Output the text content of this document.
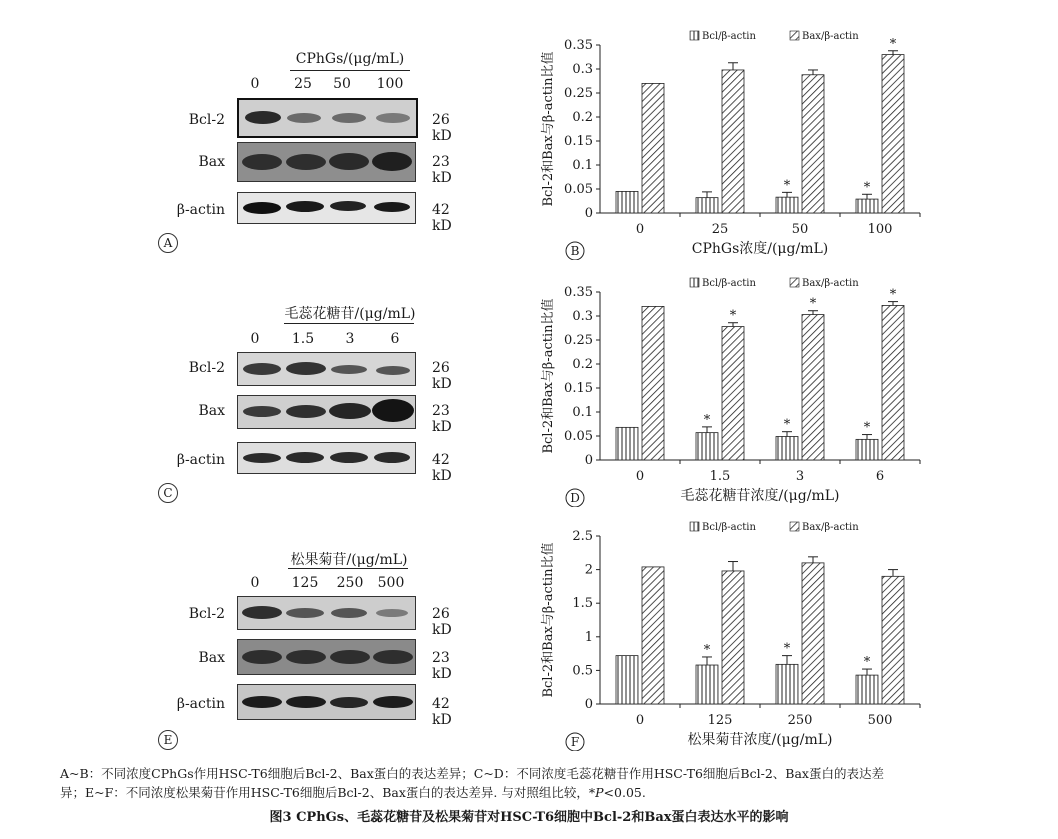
CPhGs/(μg/mL)
0	25	50	100
Bcl-2	26 kD
Bax	23 kD
β-actin	42 kD
A
毛蕊花糖苷/(μg/mL)
0	1.5	3	6
Bcl-2	26 kD
Bax	23 kD
β-actin	42 kD
C
松果菊苷/(μg/mL)
0	125	250	500
Bcl-2	26 kD
Bax	23 kD
β-actin	42 kD
E
0
0.05
0.1
0.15
0.2
0.25
0.3
0.35
0	25	50
*
100
*
*
Bcl/β-actin	Bax/β-actin
CPhGs浓度/(μg/mL)
Bcl-2和Bax与β-actin比值
B
0
0.05
0.1
0.15
0.2
0.25
0.3
0.35
0	1.5
*
*
3
*
*
6
*
*
Bcl/β-actin	Bax/β-actin
毛蕊花糖苷浓度/(μg/mL)
Bcl-2和Bax与β-actin比值
D
0
0.5
1
1.5
2
2.5
0	125
*
250
*
500
*
Bcl/β-actin	Bax/β-actin
松果菊苷浓度/(μg/mL)
Bcl-2和Bax与β-actin比值
F
A~B：不同浓度CPhGs作用HSC-T6细胞后Bcl-2、Bax蛋白的表达差异；C~D：不同浓度毛蕊花糖苷作用HSC-T6细胞后Bcl-2、Bax蛋白的表达差
异；E~F：不同浓度松果菊苷作用HSC-T6细胞后Bcl-2、Bax蛋白的表达差异. 与对照组比较，*P<0.05.
图3 CPhGs、毛蕊花糖苷及松果菊苷对HSC-T6细胞中Bcl-2和Bax蛋白表达水平的影响
